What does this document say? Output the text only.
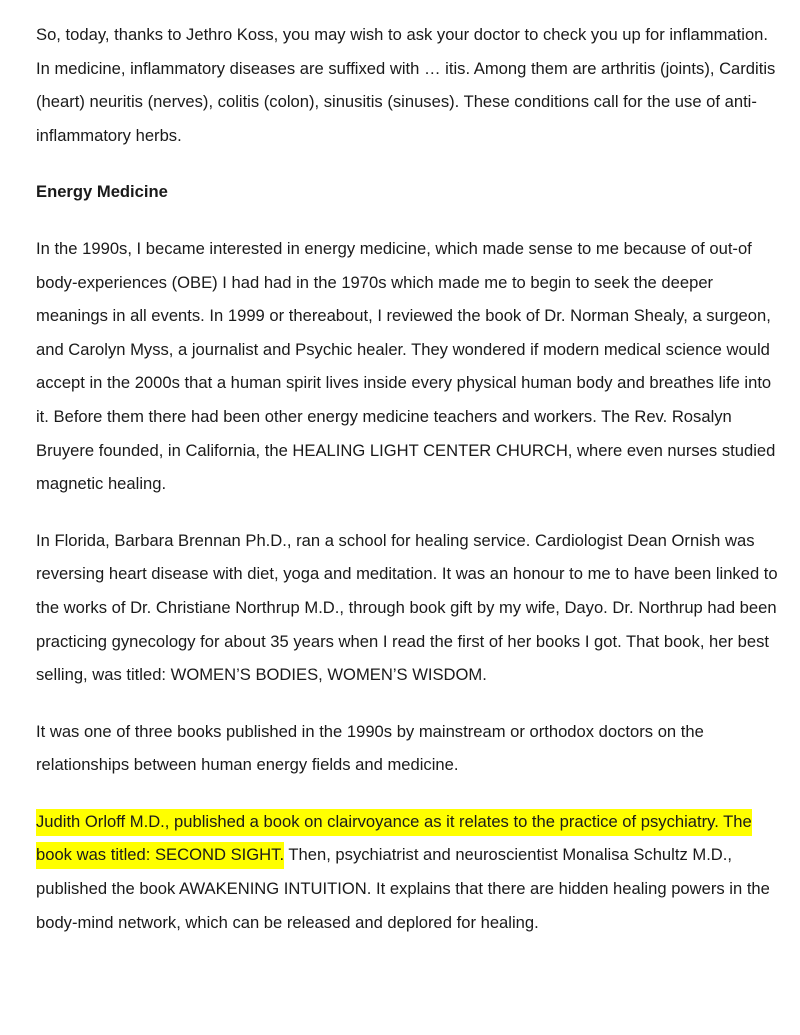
So, today, thanks to Jethro Koss, you may wish to ask your doctor to check you up for inflammation. In medicine, inflammatory diseases are suffixed with … itis. Among them are arthritis (joints), Carditis (heart) neuritis (nerves), colitis (colon), sinusitis (sinuses). These conditions call for the use of anti-inflammatory herbs.

Energy Medicine

In the 1990s, I became interested in energy medicine, which made sense to me because of out-of body-experiences (OBE) I had had in the 1970s which made me to begin to seek the deeper meanings in all events. In 1999 or thereabout, I reviewed the book of Dr. Norman Shealy, a surgeon, and Carolyn Myss, a journalist and Psychic healer. They wondered if modern medical science would accept in the 2000s that a human spirit lives inside every physical human body and breathes life into it. Before them there had been other energy medicine teachers and workers. The Rev. Rosalyn Bruyere founded, in California, the HEALING LIGHT CENTER CHURCH, where even nurses studied magnetic healing.

In Florida, Barbara Brennan Ph.D., ran a school for healing service. Cardiologist Dean Ornish was reversing heart disease with diet, yoga and meditation. It was an honour to me to have been linked to the works of Dr. Christiane Northrup M.D., through book gift by my wife, Dayo. Dr. Northrup had been practicing gynecology for about 35 years when I read the first of her books I got. That book, her best selling, was titled: WOMEN’S BODIES, WOMEN’S WISDOM.

It was one of three books published in the 1990s by mainstream or orthodox doctors on the relationships between human energy fields and medicine.

Judith Orloff M.D., published a book on clairvoyance as it relates to the practice of psychiatry. The book was titled: SECOND SIGHT. Then, psychiatrist and neuroscientist Monalisa Schultz M.D., published the book AWAKENING INTUITION. It explains that there are hidden healing powers in the body-mind network, which can be released and deplored for healing.
